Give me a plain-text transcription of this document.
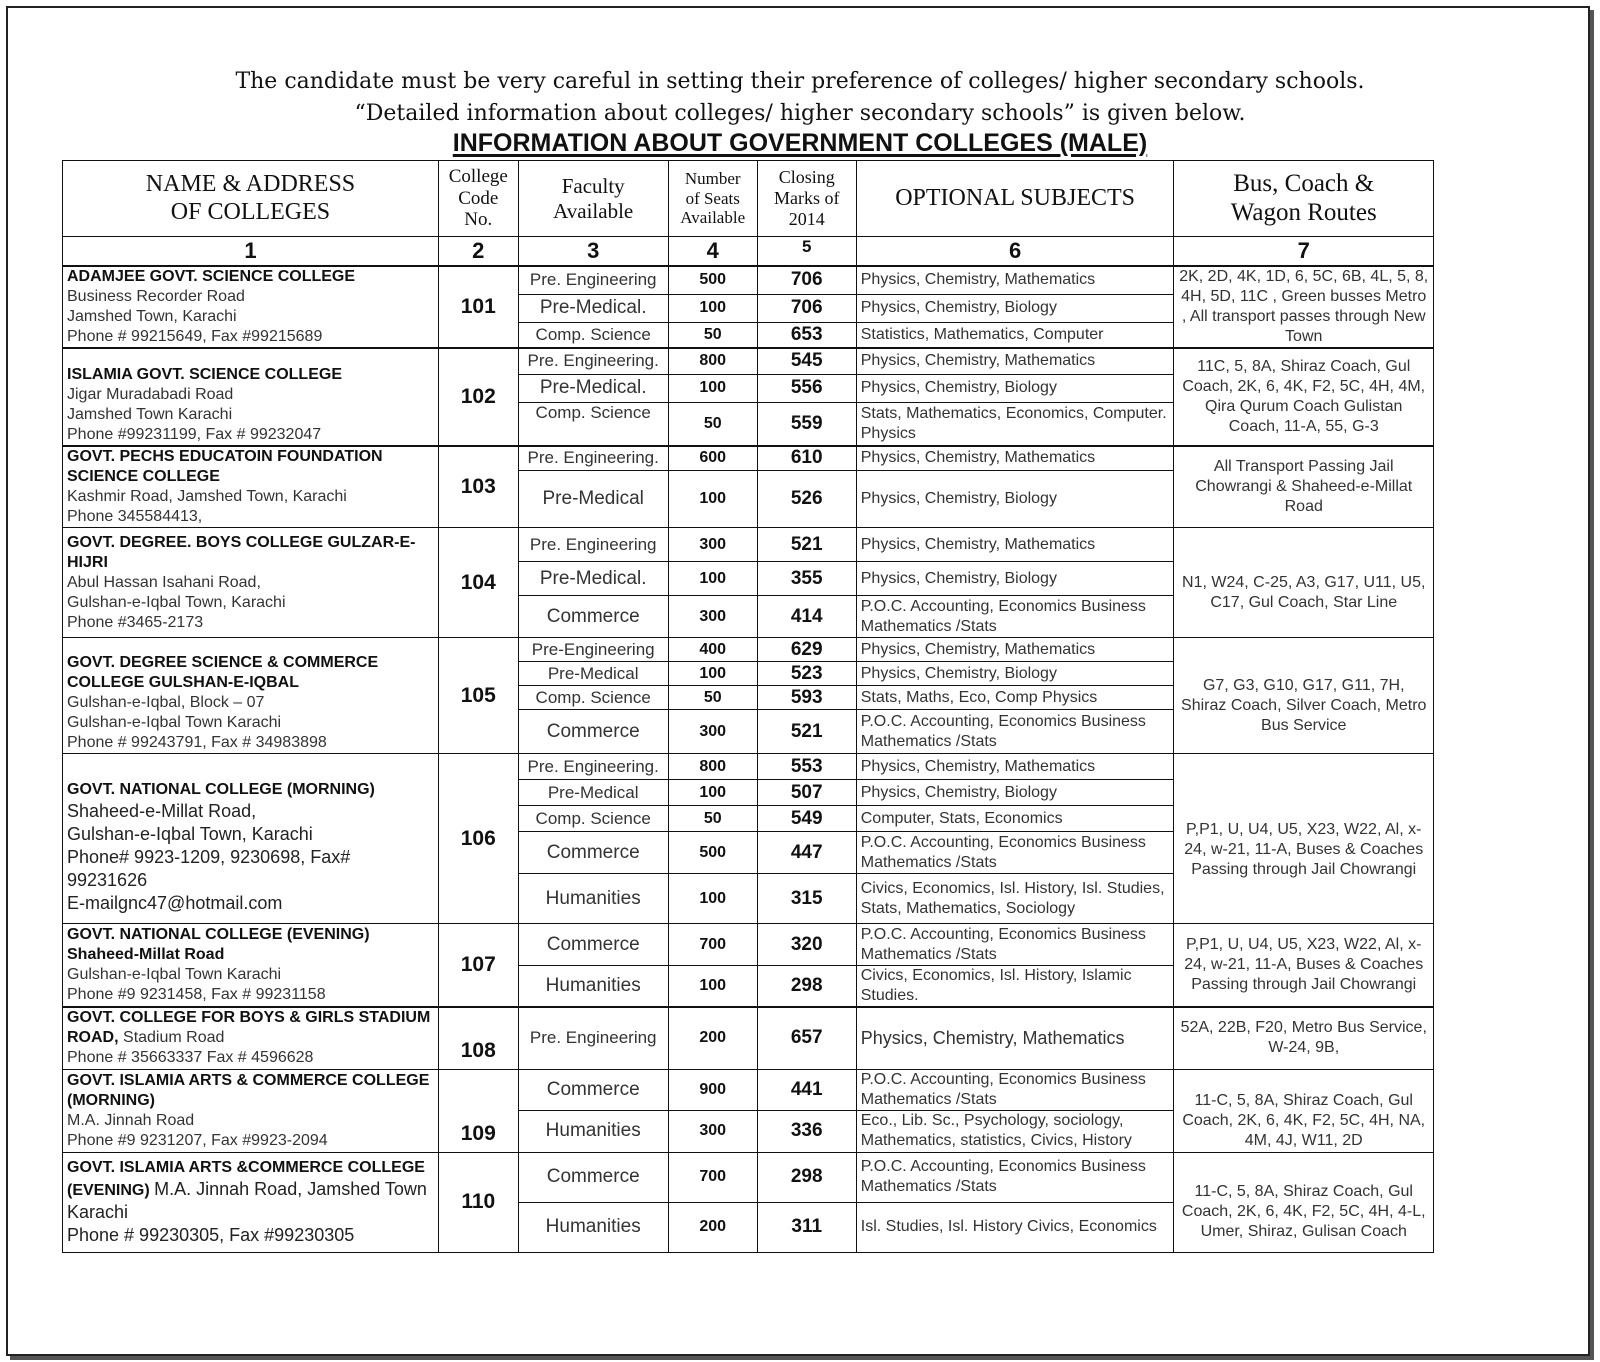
The candidate must be very careful in setting their preference of colleges/ higher secondary schools.
“Detailed information about colleges/ higher secondary schools” is given below.
INFORMATION ABOUT GOVERNMENT COLLEGES (MALE)
NAME & ADDRESS
OF COLLEGES	College
Code
No.	Faculty
Available	Number
of Seats
Available	Closing
Marks of
2014	OPTIONAL SUBJECTS	Bus, Coach &
Wagon Routes
1	2	3	4	5	6	7

ADAMJEE GOVT. SCIENCE COLLEGE
Business Recorder Road
Jamshed Town, Karachi
Phone # 99215649, Fax #99215689	101	Pre. Engineering	500	706	Physics, Chemistry, Mathematics	2K, 2D, 4K, 1D, 6, 5C, 6B, 4L, 5, 8, 4H, 5D, 11C , Green busses Metro , All transport passes through New Town
		Pre-Medical.	100	706	Physics, Chemistry, Biology	
		Comp. Science	50	653	Statistics, Mathematics, Computer	

ISLAMIA GOVT. SCIENCE COLLEGE
Jigar Muradabadi Road
Jamshed Town Karachi
Phone #99231199, Fax # 99232047	102	Pre. Engineering.	800	545	Physics, Chemistry, Mathematics	11C, 5, 8A, Shiraz Coach, Gul Coach, 2K, 6, 4K, F2, 5C, 4H, 4M, Qira Qurum Coach Gulistan Coach, 11-A, 55, G-3
		Pre-Medical.	100	556	Physics, Chemistry, Biology	
		Comp. Science	50	559	Stats, Mathematics, Economics, Computer. Physics	

GOVT. PECHS EDUCATOIN FOUNDATION SCIENCE COLLEGE
Kashmir Road, Jamshed Town, Karachi
Phone 345584413,	103	Pre. Engineering.	600	610	Physics, Chemistry, Mathematics	All Transport Passing Jail Chowrangi & Shaheed-e-Millat Road
		Pre-Medical	100	526	Physics, Chemistry, Biology	

GOVT. DEGREE. BOYS COLLEGE GULZAR-E-HIJRI
Abul Hassan Isahani Road,
Gulshan-e-Iqbal Town, Karachi
Phone #3465-2173	104	Pre. Engineering	300	521	Physics, Chemistry, Mathematics	N1, W24, C-25, A3, G17, U11, U5, C17, Gul Coach, Star Line
		Pre-Medical.	100	355	Physics, Chemistry, Biology	
		Commerce	300	414	P.O.C. Accounting, Economics Business Mathematics /Stats	

GOVT. DEGREE SCIENCE & COMMERCE COLLEGE GULSHAN-E-IQBAL
Gulshan-e-Iqbal, Block – 07
Gulshan-e-Iqbal Town Karachi
Phone # 99243791, Fax # 34983898	105	Pre-Engineering	400	629	Physics, Chemistry, Mathematics	G7, G3, G10, G17, G11, 7H, Shiraz Coach, Silver Coach, Metro Bus Service
		Pre-Medical	100	523	Physics, Chemistry, Biology	
		Comp. Science	50	593	Stats, Maths, Eco, Comp Physics	
		Commerce	300	521	P.O.C. Accounting, Economics Business Mathematics /Stats	

GOVT. NATIONAL COLLEGE (MORNING)
Shaheed-e-Millat Road,
Gulshan-e-Iqbal Town, Karachi
Phone# 9923-1209, 9230698, Fax# 99231626
E-mailgnc47@hotmail.com	106	Pre. Engineering.	800	553	Physics, Chemistry, Mathematics	P,P1, U, U4, U5, X23, W22, Al, x-24, w-21, 11-A, Buses & Coaches Passing through Jail Chowrangi
		Pre-Medical	100	507	Physics, Chemistry, Biology	
		Comp. Science	50	549	Computer, Stats, Economics	
		Commerce	500	447	P.O.C. Accounting, Economics Business Mathematics /Stats	
		Humanities	100	315	Civics, Economics, Isl. History, Isl. Studies, Stats, Mathematics, Sociology	

GOVT. NATIONAL COLLEGE (EVENING)
Shaheed-Millat Road
Gulshan-e-Iqbal Town Karachi
Phone #9 9231458, Fax # 99231158	107	Commerce	700	320	P.O.C. Accounting, Economics Business Mathematics /Stats	P,P1, U, U4, U5, X23, W22, Al, x-24, w-21, 11-A, Buses & Coaches Passing through Jail Chowrangi
		Humanities	100	298	Civics, Economics, Isl. History, Islamic Studies.	
GOVT. COLLEGE FOR BOYS & GIRLS STADIUM ROAD, Stadium Road
Phone # 35663337 Fax # 4596628	108	Pre. Engineering	200	657	Physics, Chemistry, Mathematics	52A, 22B, F20, Metro Bus Service, W-24, 9B,

GOVT. ISLAMIA ARTS & COMMERCE COLLEGE (MORNING)
M.A. Jinnah Road
Phone #9 9231207, Fax #9923-2094	109	Commerce	900	441	P.O.C. Accounting, Economics Business Mathematics /Stats	11-C, 5, 8A, Shiraz Coach, Gul Coach, 2K, 6, 4K, F2, 5C, 4H, NA, 4M, 4J, W11, 2D
		Humanities	300	336	Eco., Lib. Sc., Psychology, sociology, Mathematics, statistics, Civics, History	
GOVT. ISLAMIA ARTS &COMMERCE COLLEGE (EVENING) M.A. Jinnah Road, Jamshed Town Karachi
Phone # 99230305, Fax #99230305	110	Commerce	700	298	P.O.C. Accounting, Economics Business Mathematics /Stats	11-C, 5, 8A, Shiraz Coach, Gul Coach, 2K, 6, 4K, F2, 5C, 4H, 4-L, Umer, Shiraz, Gulisan Coach
		Humanities	200	311	Isl. Studies, Isl. History Civics, Economics	
